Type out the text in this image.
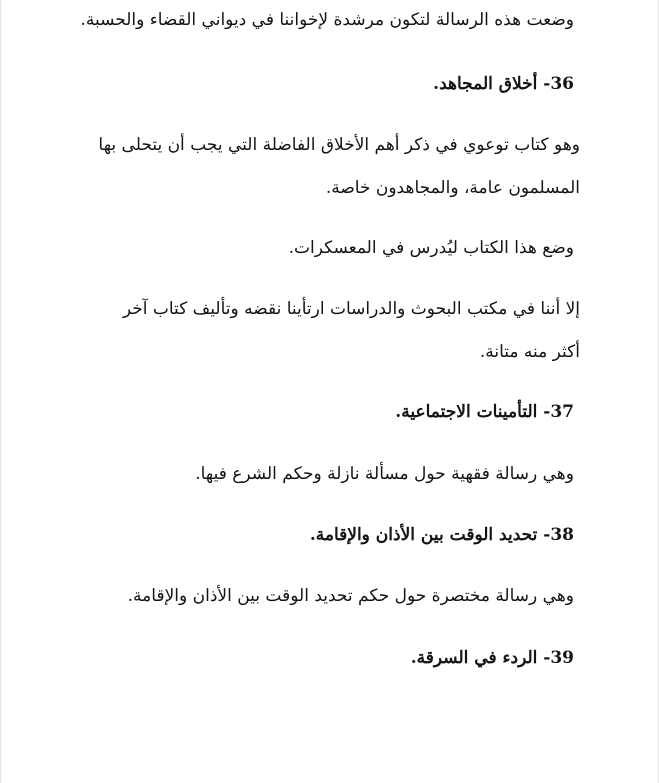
وضعت هذه الرسالة لتكون مرشدة لإخواننا في ديواني القضاء والحسبة.
36- أخلاق المجاهد.
وهو كتاب توعوي في ذكر أهم الأخلاق الفاضلة التي يجب أن يتحلى بها
المسلمون عامة، والمجاهدون خاصة.
وضع هذا الكتاب ليُدرس في المعسكرات.
إلا أننا في مكتب البحوث والدراسات ارتأينا نقضه وتأليف كتاب آخر
أكثر منه متانة.
37- التأمينات الاجتماعية.
وهي رسالة فقهية حول مسألة نازلة وحكم الشرع فيها.
38- تحديد الوقت بين الأذان والإقامة.
وهي رسالة مختصرة حول حكم تحديد الوقت بين الأذان والإقامة.
39- الردء في السرقة.
